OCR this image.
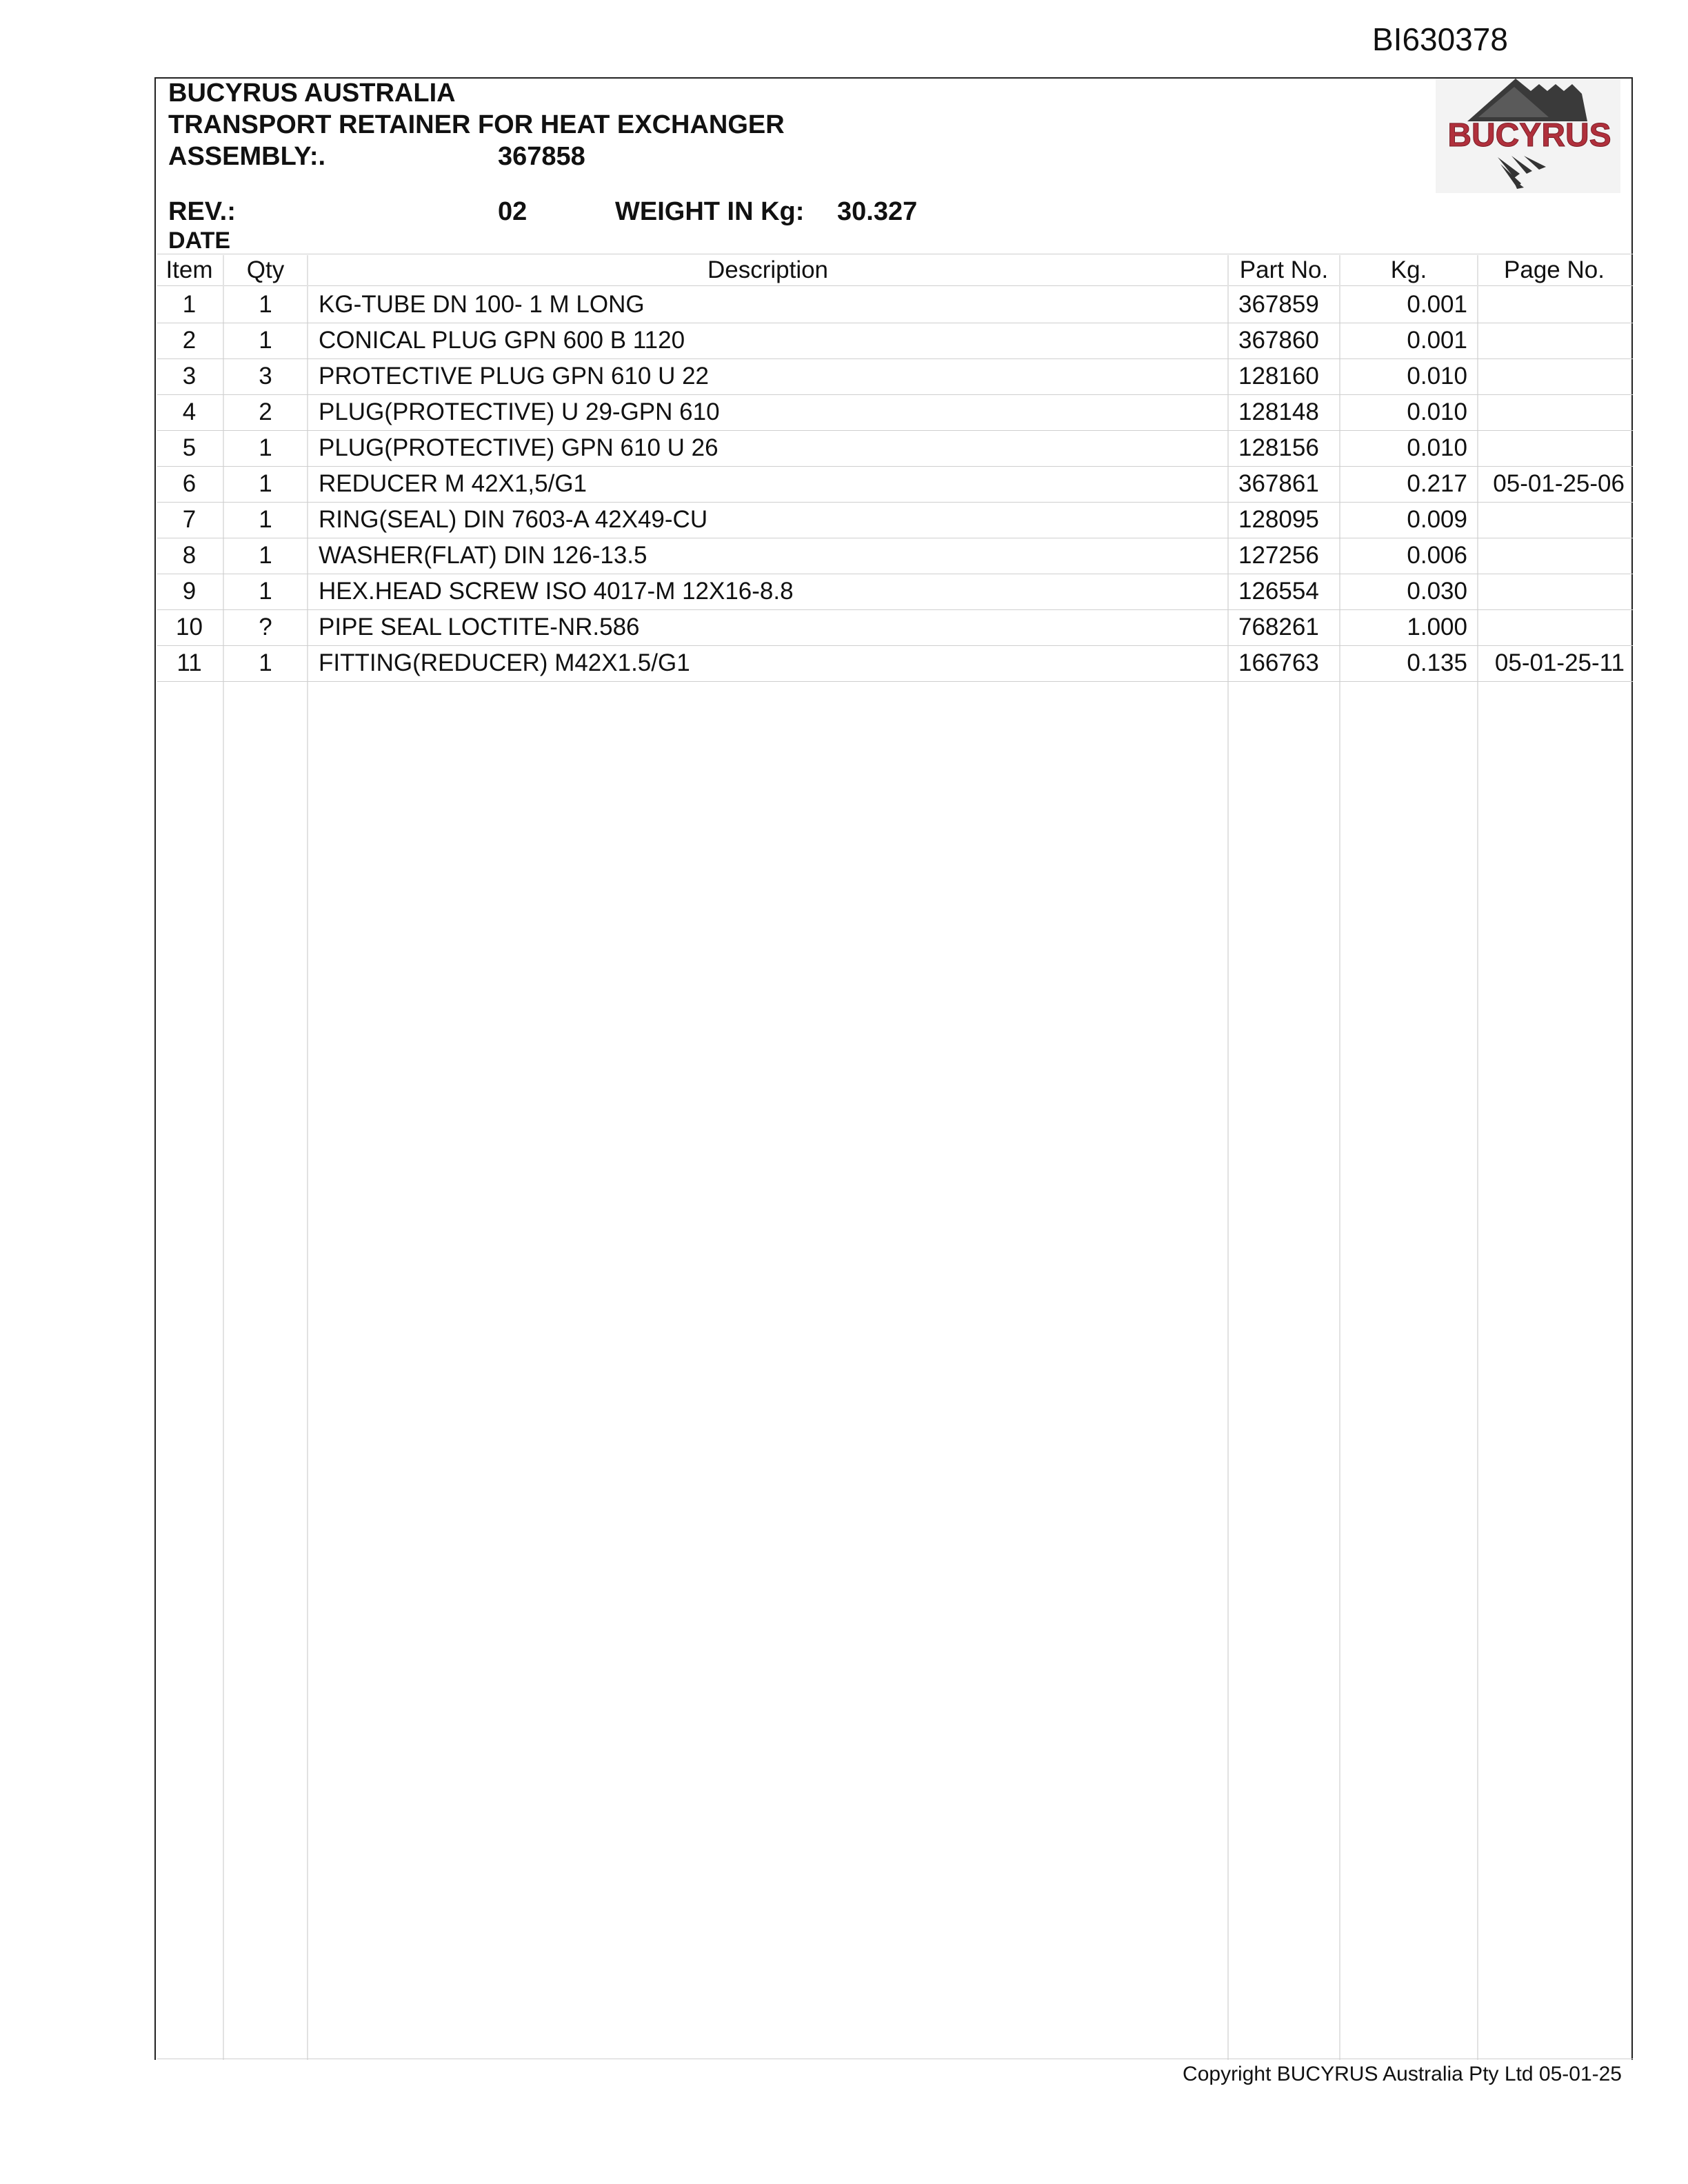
BI630378
BUCYRUS AUSTRALIA
TRANSPORT RETAINER FOR HEAT EXCHANGER
ASSEMBLY:.	367858
REV.:	02	WEIGHT IN Kg: 30.327
DATE
BUCYRUS
Item	Qty	Description	Part No.	Kg.	Page No.
1	1	KG-TUBE DN 100- 1 M LONG	367859	0.001
2	1	CONICAL PLUG GPN 600 B 1120	367860	0.001
3	3	PROTECTIVE PLUG GPN 610 U 22	128160	0.010
4	2	PLUG(PROTECTIVE) U 29-GPN 610	128148	0.010
5	1	PLUG(PROTECTIVE) GPN 610 U 26	128156	0.010
6	1	REDUCER M 42X1,5/G1	367861	0.217	05-01-25-06
7	1	RING(SEAL) DIN 7603-A 42X49-CU	128095	0.009
8	1	WASHER(FLAT) DIN 126-13.5	127256	0.006
9	1	HEX.HEAD SCREW ISO 4017-M 12X16-8.8	126554	0.030
10	?	PIPE SEAL LOCTITE-NR.586	768261	1.000
11	1	FITTING(REDUCER) M42X1.5/G1	166763	0.135	05-01-25-11
Copyright BUCYRUS Australia Pty Ltd 05-01-25
